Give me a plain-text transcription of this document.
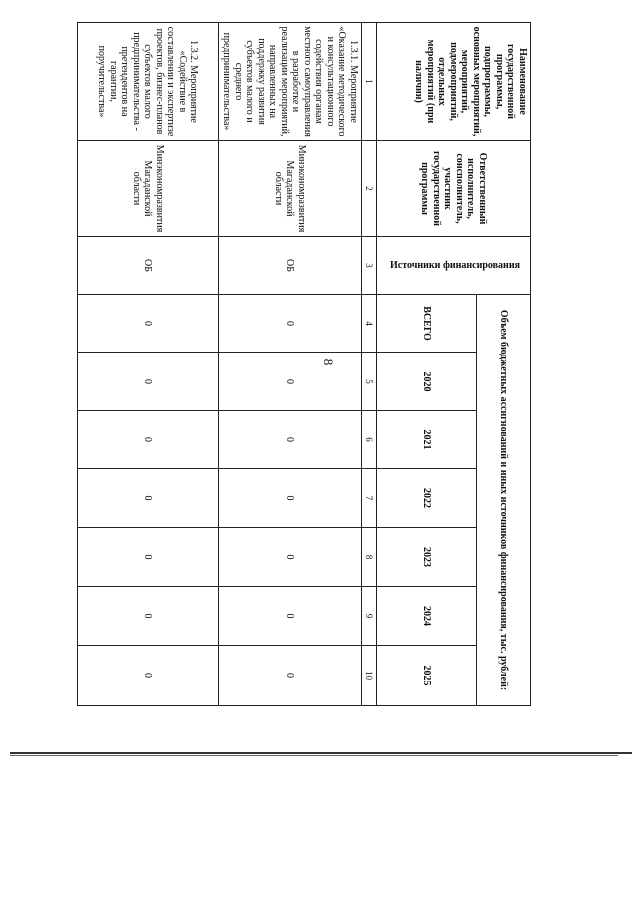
8
Наименование государственной программы, подпрограммы, основных мероприятий, мероприятий, подмероприятий, отдельных мероприятий (при наличии)	Ответственный исполнитель, соисполнитель, участник государственной программы	Источники финансирования	Объем бюджетных ассигнований и иных источников финансирования, тыс. рублей:						
			ВСЕГО	2020	2021	2022	2023	2024	2025
1	2	3	4	5	6	7	8	9	10
1.3.1. Мероприятие «Оказание методического и консультационного содействия органам местного самоуправления в разработке и реализации мероприятий, направленных на поддержку развития субъектов малого и среднего предпринимательства»	Минэкономразвития Магаданской области	ОБ	0	0	0	0	0	0	0
1.3.2. Мероприятие «Содействие в составлении и экспертизе проектов, бизнес-планов субъектов малого предпринимательства - претендентов на гарантии, поручительства»	Минэкономразвития Магаданской области	ОБ	0	0	0	0	0	0	0
